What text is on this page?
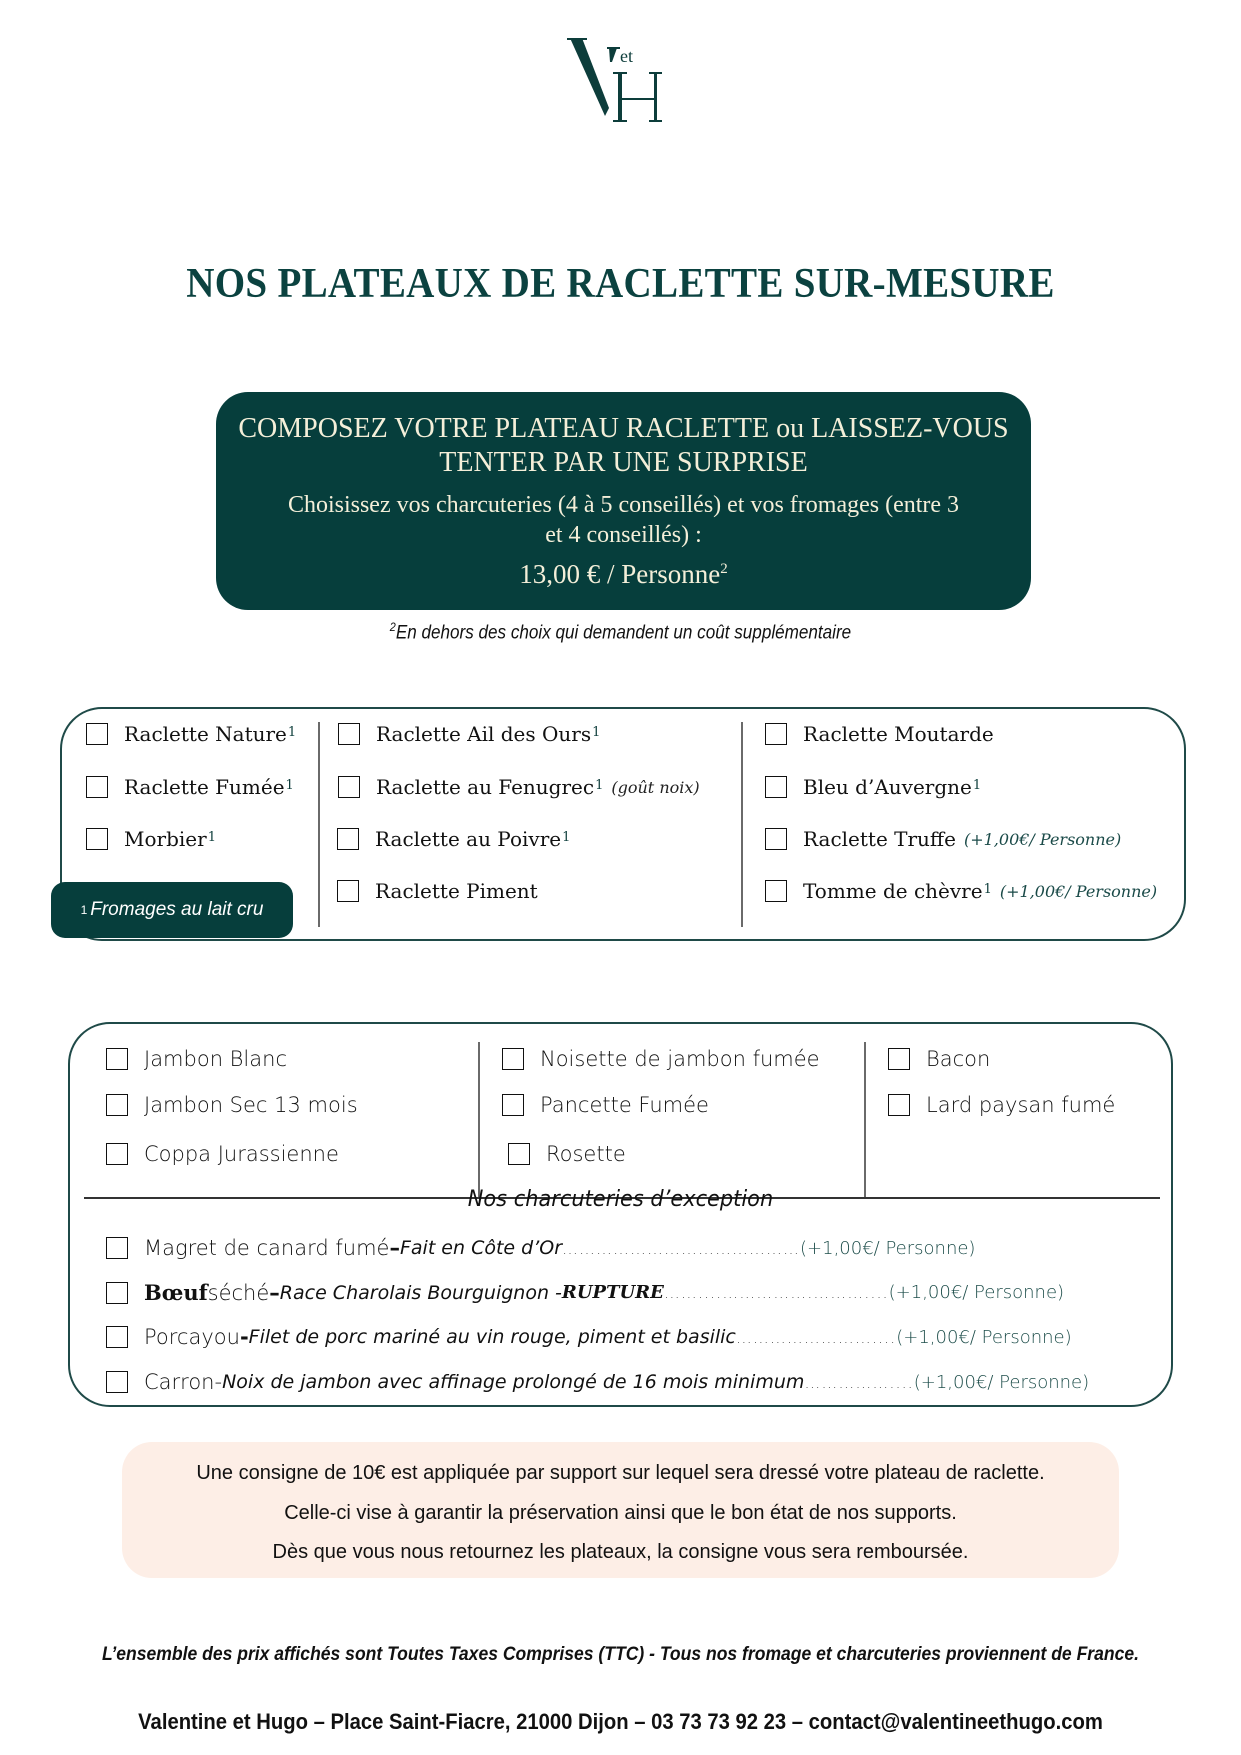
et
NOS PLATEAUX DE RACLETTE SUR-MESURE
COMPOSEZ VOTRE PLATEAU RACLETTE ou LAISSEZ-VOUS
TENTER PAR UNE SURPRISE
Choisissez vos charcuteries (4 à 5 conseillés) et vos fromages (entre 3
et 4 conseillés) :
13,00 € / Personne$^2$
$^2$En dehors des choix qui demandent un coût supplémentaire
Raclette Nature$^1$
Raclette Fumée$^1$
Morbier$^1$
Raclette Ail des Ours$^1$
Raclette au Fenugrec$^1$ (goût noix)
Raclette au Poivre$^1$
Raclette Piment
Raclette Moutarde
Bleu d’Auvergne$^1$
Raclette Truffe (+1,00€/ Personne)
Tomme de chèvre$^1$ (+1,00€/ Personne)
1 Fromages au lait cru
Jambon Blanc
Jambon Sec 13 mois
Coppa Jurassienne
Noisette de jambon fumée
Pancette Fumée
Rosette
Bacon
Lard paysan fumé
Nos charcuteries d’exception
Magret de canard fumé – Fait en Côte d’Or …………………………………… (+1,00€/ Personne)
Bœuf séché – Race Charolais Bourguignon - RUPTURE ……....…………….……….... (+1,00€/ Personne)
Porcayou - Filet de porc mariné au vin rouge, piment et basilic …………………….... (+1,00€/ Personne)
Carron - Noix de jambon avec affinage prolongé de 16 mois minimum …………….... (+1,00€/ Personne)
Une consigne de 10€ est appliquée par support sur lequel sera dressé votre plateau de raclette.
Celle-ci vise à garantir la préservation ainsi que le bon état de nos supports.
Dès que vous nous retournez les plateaux, la consigne vous sera remboursée.
L’ensemble des prix affichés sont Toutes Taxes Comprises (TTC) - Tous nos fromage et charcuteries proviennent de France.
Valentine et Hugo – Place Saint-Fiacre, 21000 Dijon – 03 73 73 92 23 – contact@valentineethugo.com
